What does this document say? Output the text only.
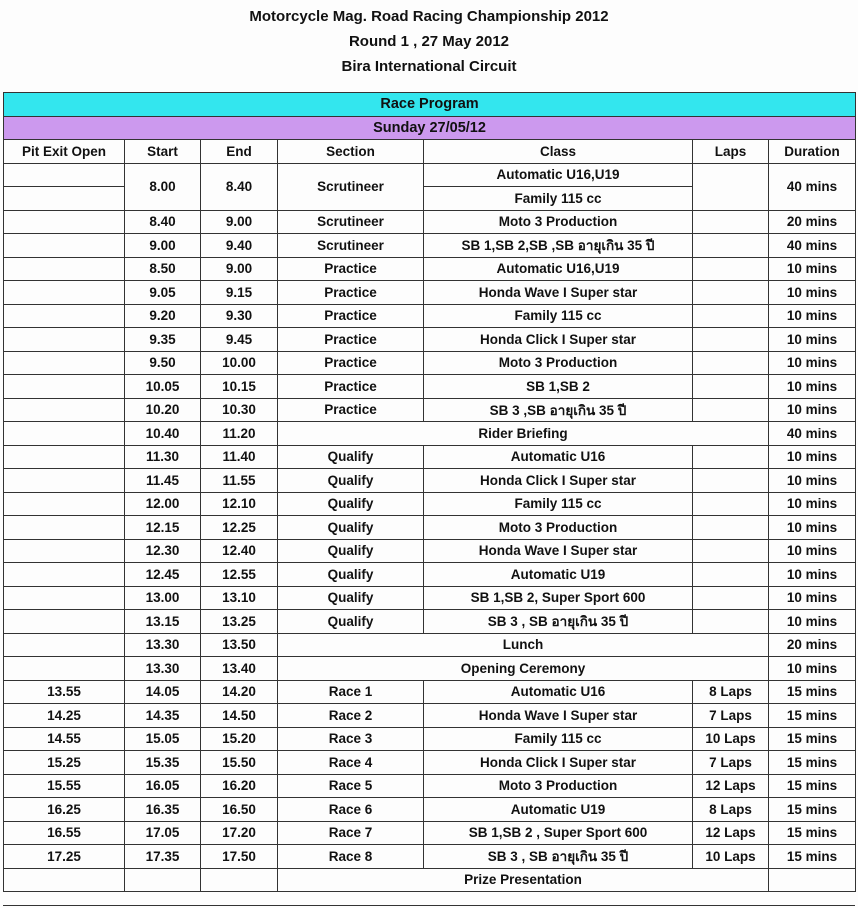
Motorcycle Mag. Road Racing Championship 2012
Round 1 , 27 May 2012
Bira International Circuit
Race Program						
Sunday 27/05/12						
Pit Exit Open	Start	End	Section	Class	Laps	Duration
	8.00	8.40	Scrutineer	Automatic U16,U19		40 mins
				Family 115 cc		
	8.40	9.00	Scrutineer	Moto 3 Production		20 mins
	9.00	9.40	Scrutineer	SB 1,SB 2,SB ,SB อายุเกิน 35 ปี		40 mins
	8.50	9.00	Practice	Automatic U16,U19		10 mins
	9.05	9.15	Practice	Honda Wave I Super star		10 mins
	9.20	9.30	Practice	Family 115 cc		10 mins
	9.35	9.45	Practice	Honda Click I Super star		10 mins
	9.50	10.00	Practice	Moto 3 Production		10 mins
	10.05	10.15	Practice	SB 1,SB 2		10 mins
	10.20	10.30	Practice	SB 3 ,SB อายุเกิน 35 ปี		10 mins
	10.40	11.20	Rider Briefing			40 mins
	11.30	11.40	Qualify	Automatic U16		10 mins
	11.45	11.55	Qualify	Honda Click I Super star		10 mins
	12.00	12.10	Qualify	Family 115 cc		10 mins
	12.15	12.25	Qualify	Moto 3 Production		10 mins
	12.30	12.40	Qualify	Honda Wave I Super star		10 mins
	12.45	12.55	Qualify	Automatic U19		10 mins
	13.00	13.10	Qualify	SB 1,SB 2, Super Sport 600		10 mins
	13.15	13.25	Qualify	SB 3 , SB อายุเกิน 35 ปี		10 mins
	13.30	13.50	Lunch			20 mins
	13.30	13.40	Opening Ceremony			10 mins
13.55	14.05	14.20	Race 1	Automatic U16	8 Laps	15 mins
14.25	14.35	14.50	Race 2	Honda Wave I Super star	7 Laps	15 mins
14.55	15.05	15.20	Race 3	Family 115 cc	10 Laps	15 mins
15.25	15.35	15.50	Race 4	Honda Click I Super star	7 Laps	15 mins
15.55	16.05	16.20	Race 5	Moto 3 Production	12 Laps	15 mins
16.25	16.35	16.50	Race 6	Automatic U19	8 Laps	15 mins
16.55	17.05	17.20	Race 7	SB 1,SB 2 , Super Sport 600	12 Laps	15 mins
17.25	17.35	17.50	Race 8	SB 3 , SB อายุเกิน 35 ปี	10 Laps	15 mins
			Prize Presentation			
